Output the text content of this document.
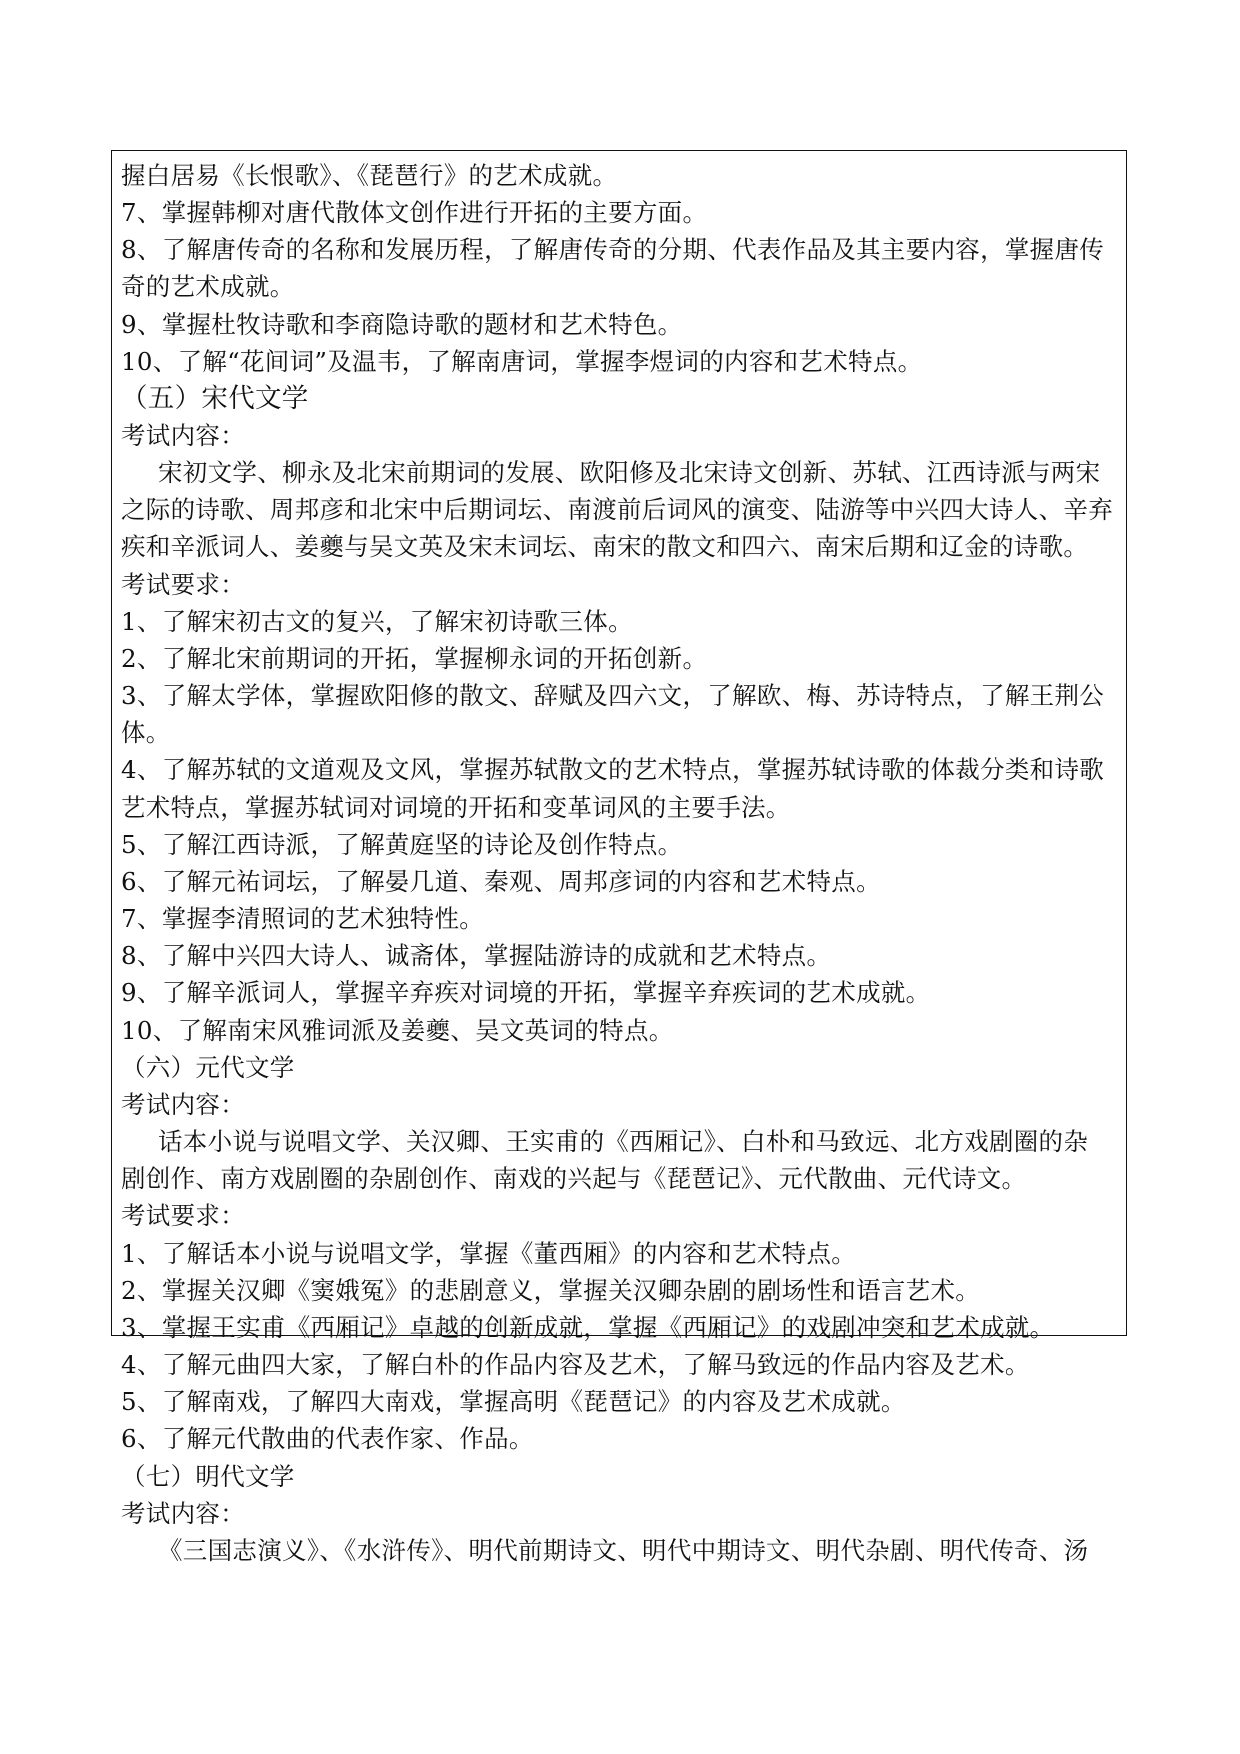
握白居易《长恨歌》、《琵琶行》的艺术成就。
7、掌握韩柳对唐代散体文创作进行开拓的主要方面。
8、了解唐传奇的名称和发展历程，了解唐传奇的分期、代表作品及其主要内容，掌握唐传
奇的艺术成就。
9、掌握杜牧诗歌和李商隐诗歌的题材和艺术特色。
10、了解“花间词”及温韦，了解南唐词，掌握李煜词的内容和艺术特点。
（五）宋代文学
考试内容：
宋初文学、柳永及北宋前期词的发展、欧阳修及北宋诗文创新、苏轼、江西诗派与两宋
之际的诗歌、周邦彦和北宋中后期词坛、南渡前后词风的演变、陆游等中兴四大诗人、辛弃
疾和辛派词人、姜夔与吴文英及宋末词坛、南宋的散文和四六、南宋后期和辽金的诗歌。
考试要求：
1、了解宋初古文的复兴，了解宋初诗歌三体。
2、了解北宋前期词的开拓，掌握柳永词的开拓创新。
3、了解太学体，掌握欧阳修的散文、辞赋及四六文，了解欧、梅、苏诗特点，了解王荆公
体。
4、了解苏轼的文道观及文风，掌握苏轼散文的艺术特点，掌握苏轼诗歌的体裁分类和诗歌
艺术特点，掌握苏轼词对词境的开拓和变革词风的主要手法。
5、了解江西诗派，了解黄庭坚的诗论及创作特点。
6、了解元祐词坛，了解晏几道、秦观、周邦彦词的内容和艺术特点。
7、掌握李清照词的艺术独特性。
8、了解中兴四大诗人、诚斋体，掌握陆游诗的成就和艺术特点。
9、了解辛派词人，掌握辛弃疾对词境的开拓，掌握辛弃疾词的艺术成就。
10、了解南宋风雅词派及姜夔、吴文英词的特点。
（六）元代文学
考试内容：
话本小说与说唱文学、关汉卿、王实甫的《西厢记》、白朴和马致远、北方戏剧圈的杂
剧创作、南方戏剧圈的杂剧创作、南戏的兴起与《琵琶记》、元代散曲、元代诗文。
考试要求：
1、了解话本小说与说唱文学，掌握《董西厢》的内容和艺术特点。
2、掌握关汉卿《窦娥冤》的悲剧意义，掌握关汉卿杂剧的剧场性和语言艺术。
3、掌握王实甫《西厢记》卓越的创新成就，掌握《西厢记》的戏剧冲突和艺术成就。
4、了解元曲四大家，了解白朴的作品内容及艺术，了解马致远的作品内容及艺术。
5、了解南戏，了解四大南戏，掌握高明《琵琶记》的内容及艺术成就。
6、了解元代散曲的代表作家、作品。
（七）明代文学
考试内容：
《三国志演义》、《水浒传》、明代前期诗文、明代中期诗文、明代杂剧、明代传奇、汤
